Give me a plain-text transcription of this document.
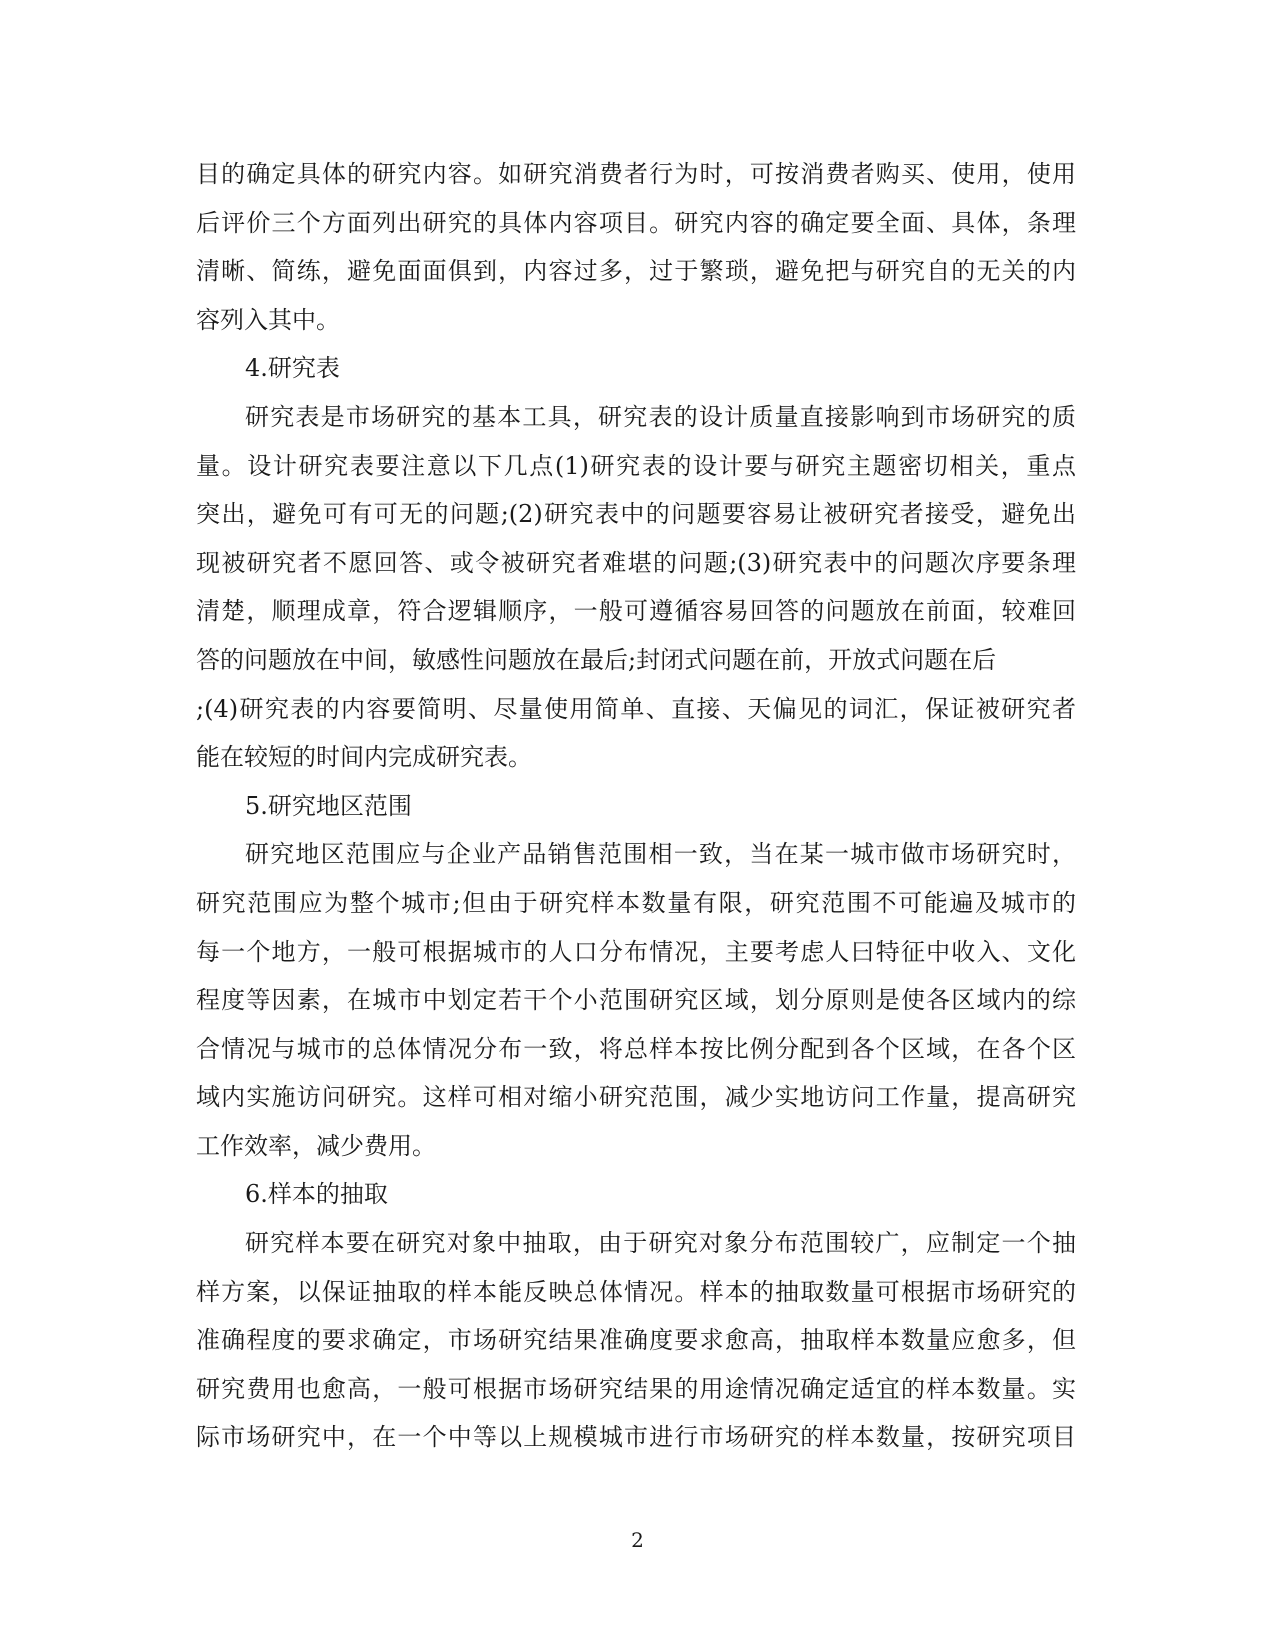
目的确定具体的研究内容。如研究消费者行为时，可按消费者购买、使用，使用
后评价三个方面列出研究的具体内容项目。研究内容的确定要全面、具体，条理
清晰、简练，避免面面俱到，内容过多，过于繁琐，避免把与研究自的无关的内
容列入其中。
4.研究表
研究表是市场研究的基本工具，研究表的设计质量直接影响到市场研究的质
量。设计研究表要注意以下几点(1)研究表的设计要与研究主题密切相关，重点
突出，避免可有可无的问题;(2)研究表中的问题要容易让被研究者接受，避免出
现被研究者不愿回答、或令被研究者难堪的问题;(3)研究表中的问题次序要条理
清楚，顺理成章，符合逻辑顺序，一般可遵循容易回答的问题放在前面，较难回
答的问题放在中间，敏感性问题放在最后;封闭式问题在前，开放式问题在后
;(4)研究表的内容要简明、尽量使用简单、直接、天偏见的词汇，保证被研究者
能在较短的时间内完成研究表。
5.研究地区范围
研究地区范围应与企业产品销售范围相一致，当在某一城市做市场研究时，
研究范围应为整个城市;但由于研究样本数量有限，研究范围不可能遍及城市的
每一个地方，一般可根据城市的人口分布情况，主要考虑人曰特征中收入、文化
程度等因素，在城市中划定若干个小范围研究区域，划分原则是使各区域内的综
合情况与城市的总体情况分布一致，将总样本按比例分配到各个区域，在各个区
域内实施访问研究。这样可相对缩小研究范围，减少实地访问工作量，提高研究
工作效率，减少费用。
6.样本的抽取
研究样本要在研究对象中抽取，由于研究对象分布范围较广，应制定一个抽
样方案，以保证抽取的样本能反映总体情况。样本的抽取数量可根据市场研究的
准确程度的要求确定，市场研究结果准确度要求愈高，抽取样本数量应愈多，但
研究费用也愈高，一般可根据市场研究结果的用途情况确定适宜的样本数量。实
际市场研究中，在一个中等以上规模城市进行市场研究的样本数量，按研究项目
2
